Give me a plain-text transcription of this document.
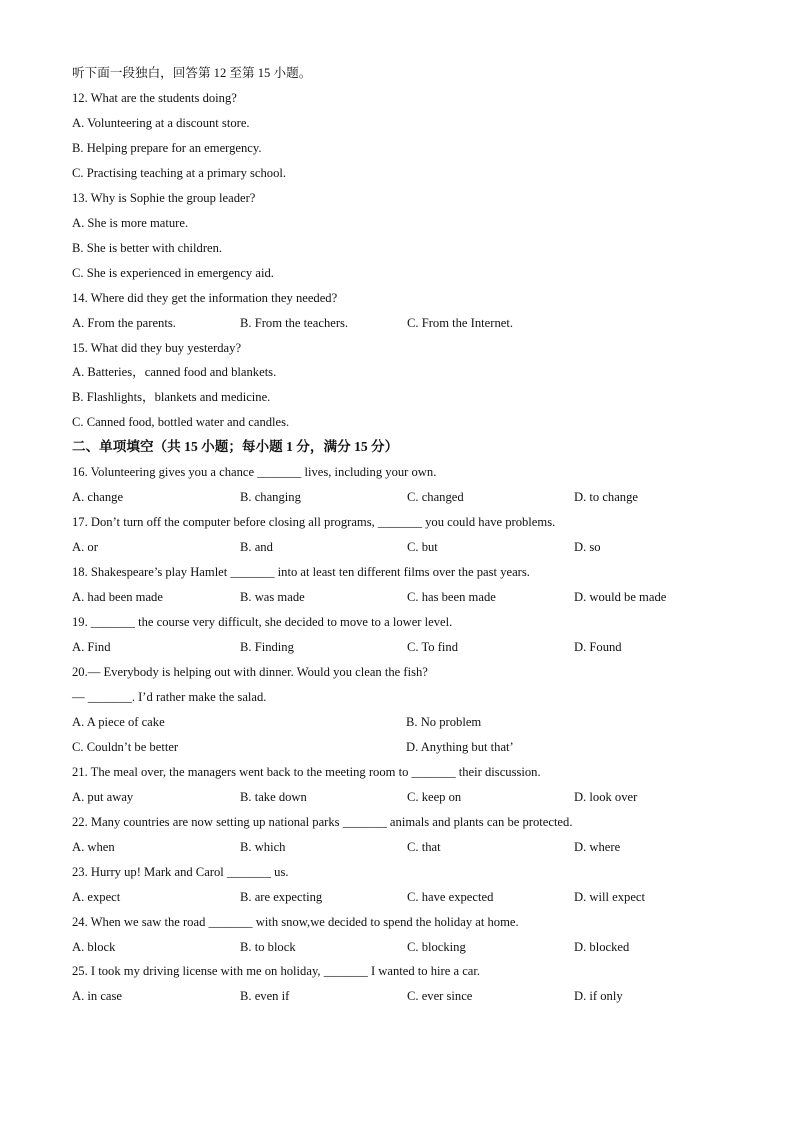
听下面一段独白，回答第 12 至第 15 小题。
12. What are the students doing?
A. Volunteering at a discount store.
B. Helping prepare for an emergency.
C. Practising teaching at a primary school.
13. Why is Sophie the group leader?
A. She is more mature.
B. She is better with children.
C. She is experienced in emergency aid.
14. Where did they get the information they needed?
A. From the parents.	B. From the teachers.	C. From the Internet.
15. What did they buy yesterday?
A. Batteries，canned food and blankets.
B. Flashlights，blankets and medicine.
C. Canned food, bottled water and candles.
二、单项填空（共 15 小题；每小题 1 分，满分 15 分）
16. Volunteering gives you a chance _______ lives, including your own.
A. change	B. changing	C. changed	D. to change
17. Don’t turn off the computer before closing all programs, _______ you could have problems.
A. or	B. and	C. but	D. so
18. Shakespeare’s play Hamlet _______ into at least ten different films over the past years.
A. had been made	B. was made	C. has been made	D. would be made
19. _______ the course very difficult, she decided to move to a lower level.
A. Find	B. Finding	C. To find	D. Found
20.— Everybody is helping out with dinner. Would you clean the fish?
— _______. I’d rather make the salad.
A. A piece of cake	B. No problem
C. Couldn’t be better	D. Anything but that’
21. The meal over, the managers went back to the meeting room to _______ their discussion.
A. put away	B. take down	C. keep on	D. look over
22. Many countries are now setting up national parks _______ animals and plants can be protected.
A. when	B. which	C. that	D. where
23. Hurry up! Mark and Carol _______ us.
A. expect	B. are expecting	C. have expected	D. will expect
24. When we saw the road _______ with snow,we decided to spend the holiday at home.
A. block	B. to block	C. blocking	D. blocked
25. I took my driving license with me on holiday, _______ I wanted to hire a car.
A. in case	B. even if	C. ever since	D. if only
